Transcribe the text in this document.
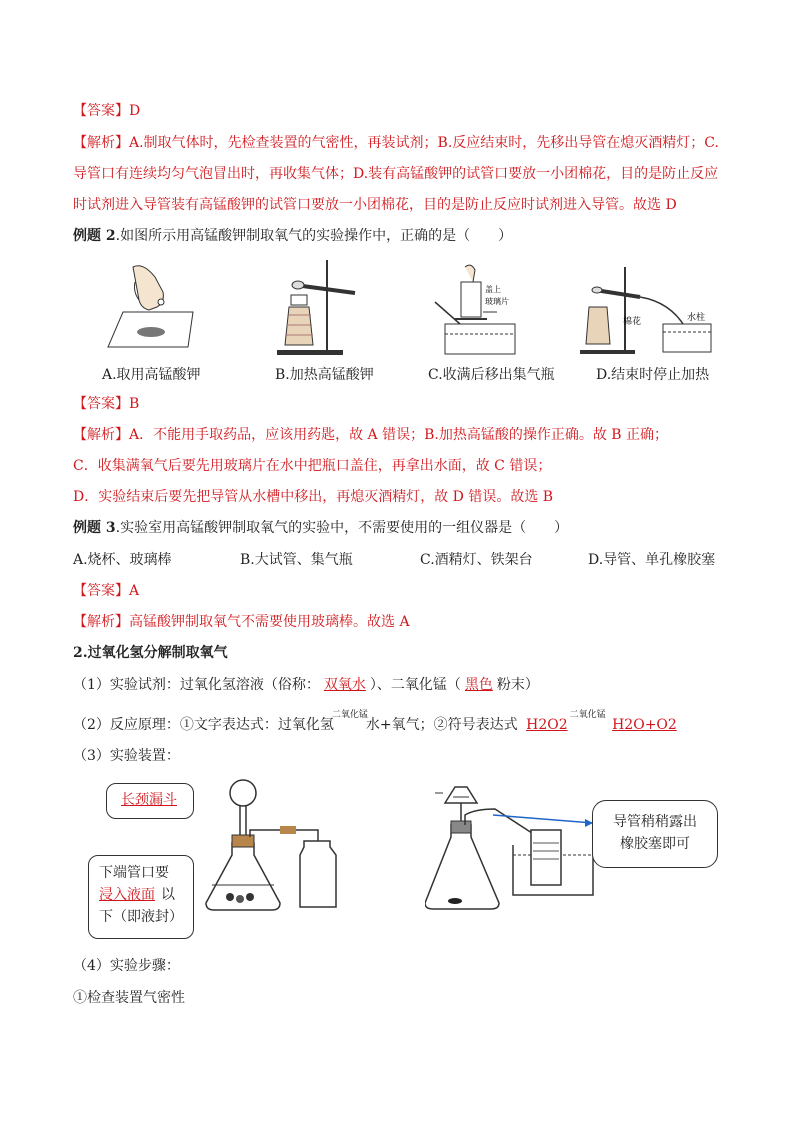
【答案】D
【解析】A.制取气体时，先检查装置的气密性，再装试剂；B.反应结束时，先移出导管在熄灭酒精灯；C.
导管口有连续均匀气泡冒出时，再收集气体；D.装有高锰酸钾的试管口要放一小团棉花，目的是防止反应
时试剂进入导管装有高锰酸钾的试管口要放一小团棉花，目的是防止反应时试剂进入导管。故选 D
例题 2.如图所示用高锰酸钾制取氧气的实验操作中，正确的是（　　）
盖上
玻璃片
棉花	水柱
A.取用高锰酸钾	B.加热高锰酸钾	C.收满后移出集气瓶	D.结束时停止加热
【答案】B
【解析】A．不能用手取药品，应该用药匙，故 A 错误；B.加热高锰酸的操作正确。故 B 正确；
C．收集满氧气后要先用玻璃片在水中把瓶口盖住，再拿出水面，故 C 错误；
D．实验结束后要先把导管从水槽中移出，再熄灭酒精灯，故 D 错误。故选 B
例题 3.实验室用高锰酸钾制取氧气的实验中，不需要使用的一组仪器是（　　）
A.烧杯、玻璃棒	B.大试管、集气瓶	C.酒精灯、铁架台	D.导管、单孔橡胶塞
【答案】A
【解析】高锰酸钾制取氧气不需要使用玻璃棒。故选 A
2.过氧化氢分解制取氧气
（1）实验试剂：过氧化氢溶液（俗称： 双氧水 ）、二氧化锰（ 黑色 粉末）
（2）反应原理：①文字表达式：过氧化氢$^{二氧化锰}$水+氧气；②符号表达式 $H2O2^{二氧化锰}$ H2O+O2
（3）实验装置：
长颈漏斗
下端管口要
浸入液面 以
下（即液封）
导管稍稍露出
橡胶塞即可
（4）实验步骤：
①检查装置气密性
